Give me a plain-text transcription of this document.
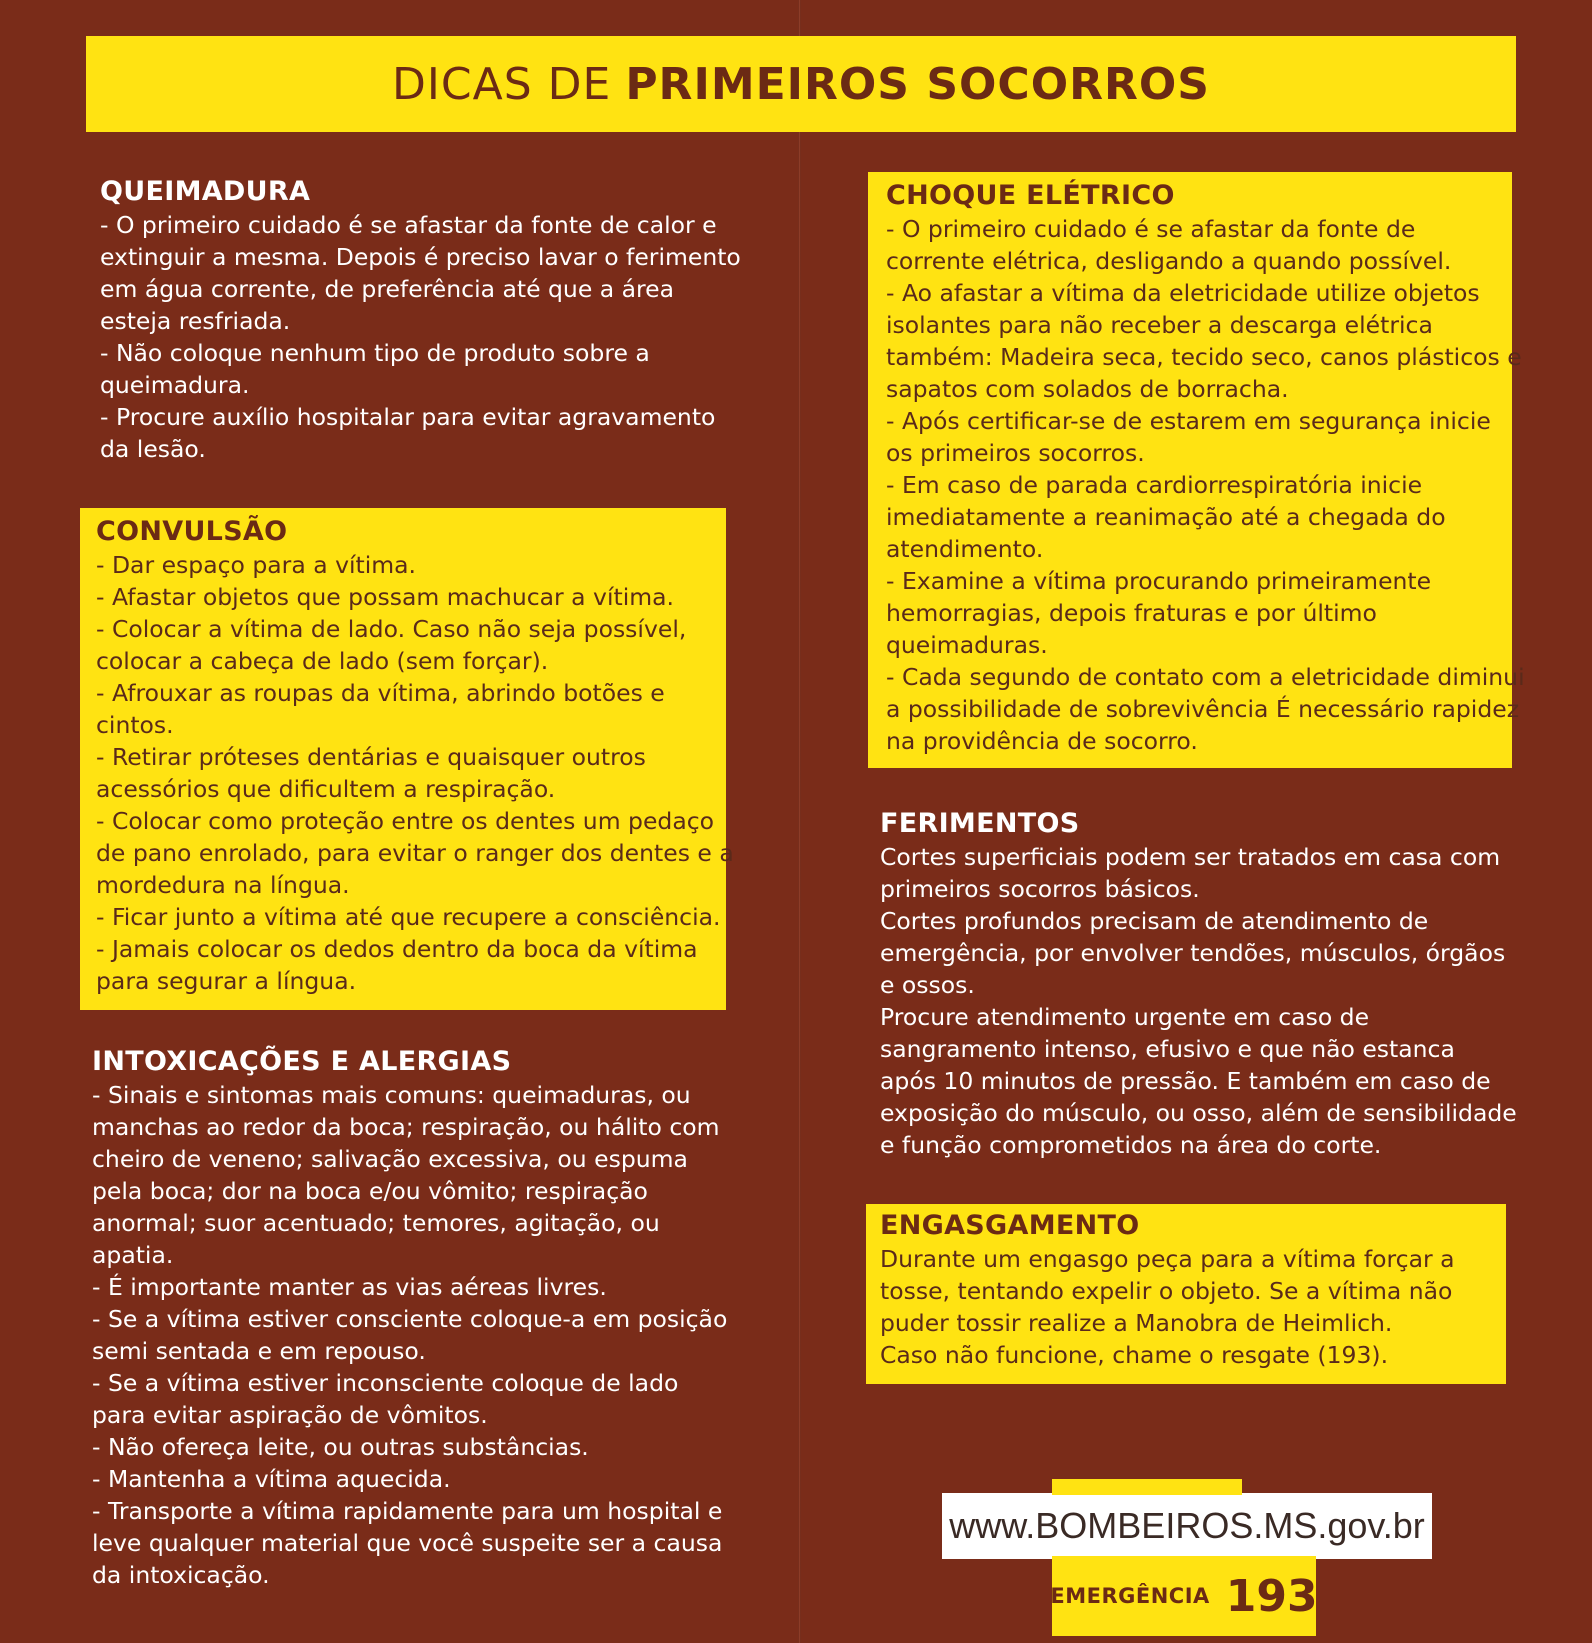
DICAS DE PRIMEIROS SOCORROS
QUEIMADURA

- O primeiro cuidado é se afastar da fonte de calor e

extinguir a mesma. Depois é preciso lavar o ferimento

em água corrente, de preferência até que a área

esteja resfriada.

- Não coloque nenhum tipo de produto sobre a

queimadura.

- Procure auxílio hospitalar para evitar agravamento

da lesão.

CONVULSÃO

- Dar espaço para a vítima.

- Afastar objetos que possam machucar a vítima.

- Colocar a vítima de lado. Caso não seja possível,

colocar a cabeça de lado (sem forçar).

- Afrouxar as roupas da vítima, abrindo botões e

cintos.

- Retirar próteses dentárias e quaisquer outros

acessórios que dificultem a respiração.

- Colocar como proteção entre os dentes um pedaço

de pano enrolado, para evitar o ranger dos dentes e a

mordedura na língua.

- Ficar junto a vítima até que recupere a consciência.

- Jamais colocar os dedos dentro da boca da vítima

para segurar a língua.

INTOXICAÇÕES E ALERGIAS

- Sinais e sintomas mais comuns: queimaduras, ou

manchas ao redor da boca; respiração, ou hálito com

cheiro de veneno; salivação excessiva, ou espuma

pela boca; dor na boca e/ou vômito; respiração

anormal; suor acentuado; temores, agitação, ou

apatia.

- É importante manter as vias aéreas livres.

- Se a vítima estiver consciente coloque-a em posição

semi sentada e em repouso.

- Se a vítima estiver inconsciente coloque de lado

para evitar aspiração de vômitos.

- Não ofereça leite, ou outras substâncias.

- Mantenha a vítima aquecida.

- Transporte a vítima rapidamente para um hospital e

leve qualquer material que você suspeite ser a causa

da intoxicação.

CHOQUE ELÉTRICO

- O primeiro cuidado é se afastar da fonte de

corrente elétrica, desligando a quando possível.

- Ao afastar a vítima da eletricidade utilize objetos

isolantes para não receber a descarga elétrica

também: Madeira seca, tecido seco, canos plásticos e

sapatos com solados de borracha.

- Após certificar-se de estarem em segurança inicie

os primeiros socorros.

- Em caso de parada cardiorrespiratória inicie

imediatamente a reanimação até a chegada do

atendimento.

- Examine a vítima procurando primeiramente

hemorragias, depois fraturas e por último

queimaduras.

- Cada segundo de contato com a eletricidade diminui

a possibilidade de sobrevivência É necessário rapidez

na providência de socorro.

FERIMENTOS

Cortes superficiais podem ser tratados em casa com

primeiros socorros básicos.

Cortes profundos precisam de atendimento de

emergência, por envolver tendões, músculos, órgãos

e ossos.

Procure atendimento urgente em caso de

sangramento intenso, efusivo e que não estanca

após 10 minutos de pressão. E também em caso de

exposição do músculo, ou osso, além de sensibilidade

e função comprometidos na área do corte.

ENGASGAMENTO

Durante um engasgo peça para a vítima forçar a

tosse, tentando expelir o objeto. Se a vítima não

puder tossir realize a Manobra de Heimlich.

Caso não funcione, chame o resgate (193).

www.BOMBEIROS.MS.gov.br
EMERGÊNCIA 193
